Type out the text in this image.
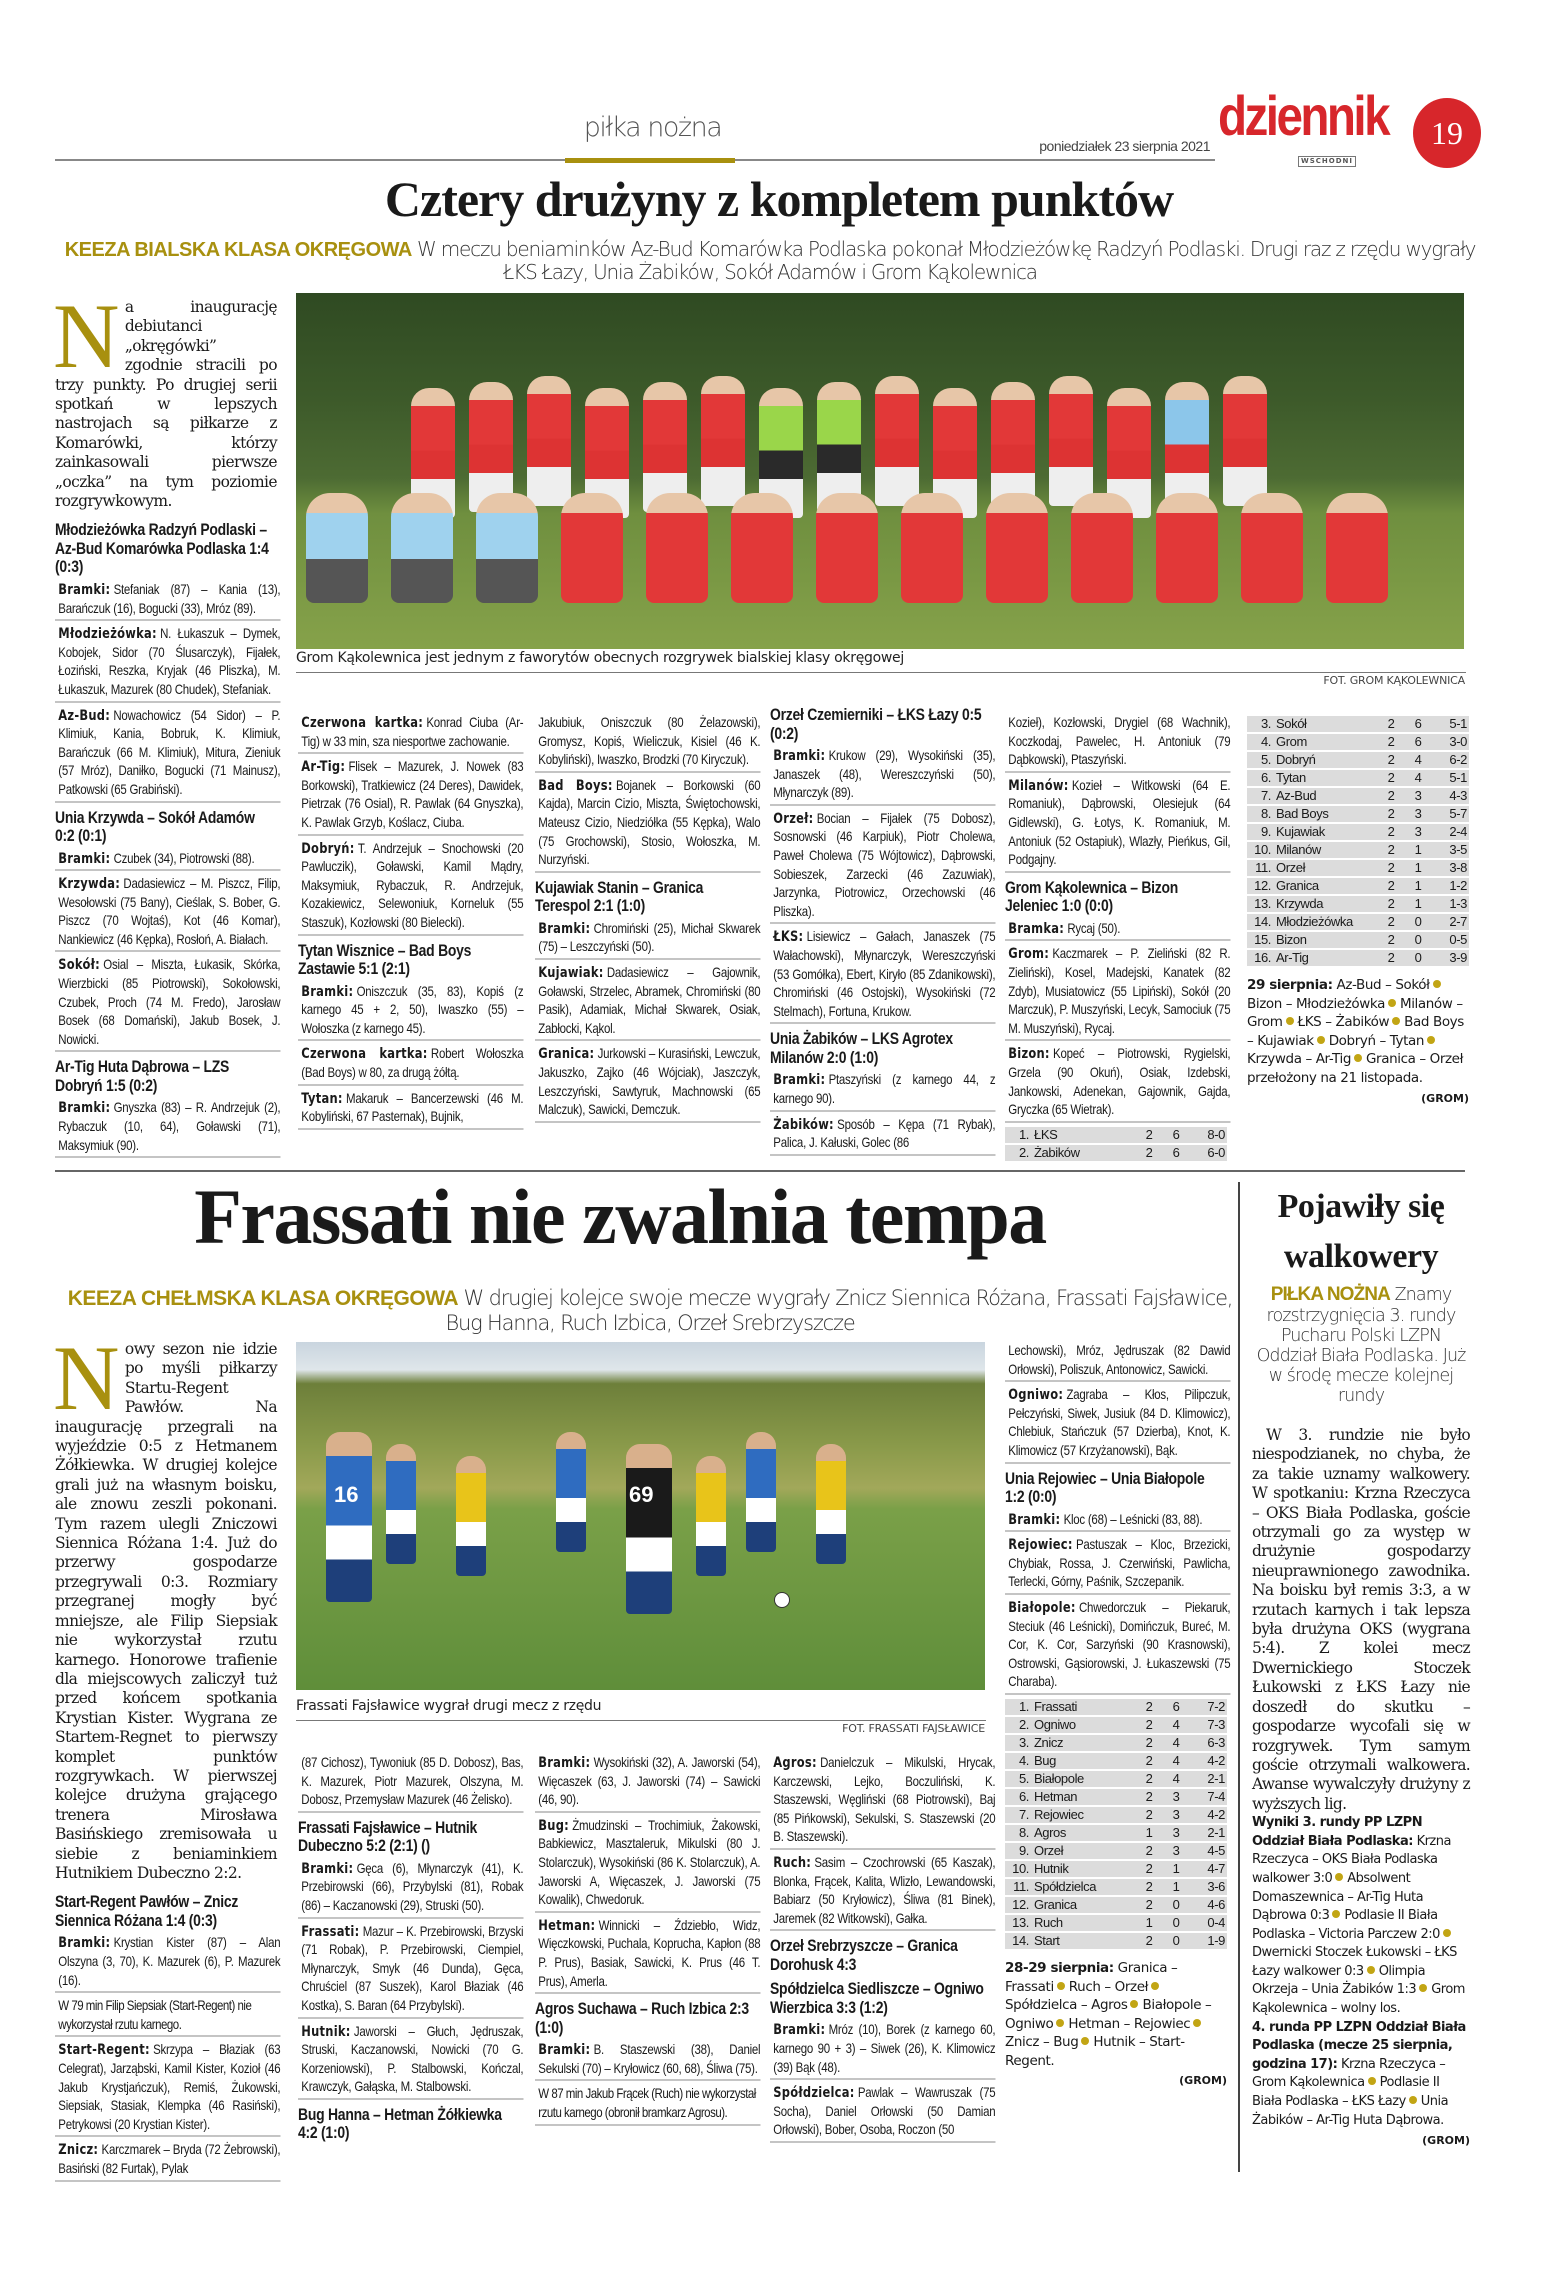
piłka nożna
poniedziałek 23 sierpnia 2021 dziennik
WSCHODNI
19
Cztery drużyny z kompletem punktów
KEEZA BIALSKA KLASA OKRĘGOWA W meczu beniaminków Az-Bud Komarówka Podlaska pokonał Młodzieżówkę Radzyń Podlaski. Drugi raz z rzędu wygrały ŁKS Łazy, Unia Żabików, Sokół Adamów i Grom Kąkolewnica
Grom Kąkolewnica jest jednym z faworytów obecnych rozgrywek bialskiej klasy okręgowej
FOT. GROM KĄKOLEWNICA
Na inaugurację debiutanci „okręgówki” zgodnie stracili po trzy punkty. Po drugiej serii spotkań w lepszych nastrojach są piłkarze z Komarówki, którzy zainkasowali pierwsze „oczka” na tym poziomie rozgrywkowym.
Młodzieżówka Radzyń Podlaski – Az-Bud Komarówka Podlaska 1:4 (0:3)
Bramki: Stefaniak (87) – Kania (13), Barańczuk (16), Bogucki (33), Mróz (89).
Młodzieżówka: N. Łukaszuk – Dymek, Kobojek, Sidor (70 Ślusarczyk), Fijałek, Łoziński, Reszka, Kryjak (46 Pliszka), M. Łukaszuk, Mazurek (80 Chudek), Stefaniak.
Az-Bud: Nowachowicz (54 Sidor) – P. Klimiuk, Kania, Bobruk, K. Klimiuk, Barańczuk (66 M. Klimiuk), Mitura, Zieniuk (57 Mróz), Daniłko, Bogucki (71 Mainusz), Patkowski (65 Grabiński).
Unia Krzywda – Sokół Adamów 0:2 (0:1)
Bramki: Czubek (34), Piotrowski (88).
Krzywda: Dadasiewicz – M. Piszcz, Filip, Wesołowski (75 Bany), Cieślak, S. Bober, G. Piszcz (70 Wojtaś), Kot (46 Komar), Nankiewicz (46 Kępka), Rosłoń, A. Białach.
Sokół: Osial – Miszta, Łukasik, Skórka, Wierzbicki (85 Piotrowski), Sokołowski, Czubek, Proch (74 M. Fredo), Jarosław Bosek (68 Domański), Jakub Bosek, J. Nowicki.
Ar-Tig Huta Dąbrowa – LZS Dobryń 1:5 (0:2)
Bramki: Gnyszka (83) – R. Andrzejuk (2), Rybaczuk (10, 64), Goławski (71), Maksymiuk (90).
Czerwona kartka: Konrad Ciuba (Ar-Tig) w 33 min, sza niesportwe zachowanie.
Ar-Tig: Flisek – Mazurek, J. Nowek (83 Borkowski), Tratkiewicz (24 Deres), Dawidek, Pietrzak (76 Osial), R. Pawlak (64 Gnyszka), K. Pawlak Grzyb, Koślacz, Ciuba.
Dobryń: T. Andrzejuk – Snochowski (20 Pawluczik), Goławski, Kamil Mądry, Maksymiuk, Rybaczuk, R. Andrzejuk, Kozakiewicz, Selewoniuk, Korneluk (55 Staszuk), Kozłowski (80 Bielecki).
Tytan Wisznice – Bad Boys Zastawie 5:1 (2:1)
Bramki: Oniszczuk (35, 83), Kopiś (z karnego 45 + 2, 50), Iwaszko (55) – Wołoszka (z karnego 45).
Czerwona kartka: Robert Wołoszka (Bad Boys) w 80, za drugą żółtą.
Tytan: Makaruk – Bancerzewski (46 M. Kobyliński, 67 Pasternak), Bujnik,
Jakubiuk, Oniszczuk (80 Żelazowski), Gromysz, Kopiś, Wieliczuk, Kisiel (46 K. Kobyliński), Iwaszko, Brodzki (70 Kiryczuk).
Bad Boys: Bojanek – Borkowski (60 Kajda), Marcin Cizio, Miszta, Świętochowski, Mateusz Cizio, Niedziółka (55 Kępka), Walo (75 Grochowski), Stosio, Wołoszka, M. Nurzyński.
Kujawiak Stanin – Granica Terespol 2:1 (1:0)
Bramki: Chromiński (25), Michał Skwarek (75) – Leszczyński (50).
Kujawiak: Dadasiewicz – Gajownik, Goławski, Strzelec, Abramek, Chromiński (80 Pasik), Adamiak, Michał Skwarek, Osiak, Zabłocki, Kąkol.
Granica: Jurkowski – Kurasiński, Lewczuk, Jakuszko, Zajko (46 Wójciak), Jaszczyk, Leszczyński, Sawtyruk, Machnowski (65 Malczuk), Sawicki, Demczuk.
Orzeł Czemierniki – ŁKS Łazy 0:5 (0:2)
Bramki: Krukow (29), Wysokiński (35), Janaszek (48), Wereszczyński (50), Młynarczyk (89).
Orzeł: Bocian – Fijałek (75 Dobosz), Sosnowski (46 Karpiuk), Piotr Cholewa, Paweł Cholewa (75 Wójtowicz), Dąbrowski, Sobieszek, Zarzecki (46 Zazuwiak), Jarzynka, Piotrowicz, Orzechowski (46 Pliszka).
ŁKS: Lisiewicz – Gałach, Janaszek (75 Wałachowski), Młynarczyk, Wereszczyński (53 Gomółka), Ebert, Kiryło (85 Zdanikowski), Chromiński (46 Ostojski), Wysokiński (72 Stelmach), Fortuna, Krukow.
Unia Żabików – LKS Agrotex Milanów 2:0 (1:0)
Bramki: Ptaszyński (z karnego 44, z karnego 90).
Żabików: Sposób – Kępa (71 Rybak), Palica, J. Kałuski, Golec (86
Kozieł), Kozłowski, Drygiel (68 Wachnik), Koczkodaj, Pawelec, H. Antoniuk (79 Dąbkowski), Ptaszyński.
Milanów: Kozieł – Witkowski (64 E. Romaniuk), Dąbrowski, Olesiejuk (64 Gidlewski), G. Łotys, K. Romaniuk, M. Antoniuk (52 Ostapiuk), Wlazły, Pieńkus, Gil, Podgajny.
Grom Kąkolewnica – Bizon Jeleniec 1:0 (0:0)
Bramka: Rycaj (50).
Grom: Kaczmarek – P. Zieliński (82 R. Zieliński), Kosel, Madejski, Kanatek (82 Zdyb), Musiatowicz (55 Lipiński), Sokół (20 Marczuk), P. Muszyński, Lecyk, Samociuk (75 M. Muszyński), Rycaj.
Bizon: Kopeć – Piotrowski, Rygielski, Grzela (90 Okuń), Osiak, Izdebski, Jankowski, Adenekan, Gajownik, Gajda, Gryczka (65 Wietrak).
1. ŁKS	2	6	8-0
2. Żabików	2	6	6-0
3. Sokół	2	6	5-1
4. Grom	2	6	3-0
5. Dobryń	2	4	6-2
6. Tytan	2	4	5-1
7. Az-Bud	2	3	4-3
8. Bad Boys	2	3	5-7
9. Kujawiak	2	3	2-4
10. Milanów	2	1	3-5
11. Orzeł	2	1	3-8
12. Granica	2	1	1-2
13. Krzywda	2	1	1-3
14. Młodzieżówka	2	0	2-7
15. Bizon	2	0	0-5
16. Ar-Tig	2	0	3-9
29 sierpnia: Az-Bud – SokółBizon – Młodzieżówka Milanów – Grom ŁKS – Żabików Bad Boys – Kujawiak Dobryń – TytanKrzywda – Ar-Tig Granica – Orzeł przełożony na 21 listopada.
(GROM)
Frassati nie zwalnia tempa
KEEZA CHEŁMSKA KLASA OKRĘGOWA W drugiej kolejce swoje mecze wygrały Znicz Siennica Różana, Frassati Fajsławice, Bug Hanna, Ruch Izbica, Orzeł Srebrzyszcze
16	69
Frassati Fajsławice wygrał drugi mecz z rzędu
FOT. FRASSATI FAJSŁAWICE
Nowy sezon nie idzie po myśli piłkarzy Startu-Regent Pawłów. Na inaugurację przegrali na wyjeździe 0:5 z Hetmanem Żółkiewka. W drugiej kolejce grali już na własnym boisku, ale znowu zeszli pokonani. Tym razem ulegli Zniczowi Siennica Różana 1:4. Już do przerwy gospodarze przegrywali 0:3. Rozmiary przegranej mogły być mniejsze, ale Filip Siepsiak nie wykorzystał rzutu karnego. Honorowe trafienie dla miejscowych zaliczył tuż przed końcem spotkania Krystian Kister. Wygrana ze Startem-Regnet to pierwszy komplet punktów rozgrywkach. W pierwszej kolejce drużyna grającego trenera Mirosława Basińskiego zremisowała u siebie z beniaminkiem Hutnikiem Dubeczno 2:2.
Start-Regent Pawłów – Znicz Siennica Różana 1:4 (0:3)
Bramki: Krystian Kister (87) – Alan Olszyna (3, 70), K. Mazurek (6), P. Mazurek (16).
W 79 min Filip Siepsiak (Start-Regent) nie wykorzystał rzutu karnego.
Start-Regent: Skrzypa – Błaziak (63 Celegrat), Jarząbski, Kamil Kister, Kozioł (46 Jakub Krystjańczuk), Remiś, Żukowski, Siepsiak, Stasiak, Klempka (46 Rasiński), Petrykowsi (20 Krystian Kister).
Znicz: Karczmarek – Bryda (72 Żebrowski), Basiński (82 Furtak), Pylak
(87 Cichosz), Tywoniuk (85 D. Dobosz), Bas, K. Mazurek, Piotr Mazurek, Olszyna, M. Dobosz, Przemysław Mazurek (46 Żelisko).
Frassati Fajsławice – Hutnik Dubeczno 5:2 (2:1) ()
Bramki: Gęca (6), Młynarczyk (41), K. Przebirowski (66), Przybylski (81), Robak (86) – Kaczanowski (29), Struski (50).
Frassati: Mazur – K. Przebirowski, Brzyski (71 Robak), P. Przebirowski, Ciempiel, Młynarczyk, Smyk (46 Dunda), Gęca, Chruściel (87 Suszek), Karol Błaziak (46 Kostka), S. Baran (64 Przybylski).
Hutnik: Jaworski – Głuch, Jędruszak, Struski, Kaczanowski, Nowicki (70 G. Korzeniowski), P. Stalbowski, Kończal, Krawczyk, Gałąska, M. Stalbowski.
Bug Hanna – Hetman Żółkiewka 4:2 (1:0)
Bramki: Wysokiński (32), A. Jaworski (54), Więcaszek (63, J. Jaworski (74) – Sawicki (46, 90).
Bug: Żmudzinski – Trochimiuk, Żakowski, Babkiewicz, Masztaleruk, Mikulski (80 J. Stolarczuk), Wysokiński (86 K. Stolarczuk), A. Jaworski A, Więcaszek, J. Jaworski (75 Kowalik), Chwedoruk.
Hetman: Winnicki – Ździebło, Widz, Więczkowski, Puchala, Koprucha, Kapłon (88 P. Prus), Basiak, Sawicki, K. Prus (46 T. Prus), Amerla.
Agros Suchawa – Ruch Izbica 2:3 (1:0)
Bramki: B. Staszewski (38), Daniel Sekulski (70) – Kryłowicz (60, 68), Śliwa (75).
W 87 min Jakub Frącek (Ruch) nie wykorzystał rzutu karnego (obronił bramkarz Agrosu).
Agros: Danielczuk – Mikulski, Hrycak, Karczewski, Lejko, Boczuliński, K. Staszewski, Węgliński (68 Piotrowski), Baj (85 Pińkowski), Sekulski, S. Staszewski (20 B. Staszewski).
Ruch: Sasim – Czochrowski (65 Kaszak), Blonka, Frącek, Kalita, Wlizło, Lewandowski, Babiarz (50 Kryłowicz), Śliwa (81 Binek), Jaremek (82 Witkowski), Gałka.
Orzeł Srebrzyszcze – Granica Dorohusk 4:3
Spółdzielca Siedliszcze – Ogniwo Wierzbica 3:3 (1:2)
Bramki: Mróz (10), Borek (z karnego 60, karnego 90 + 3) – Siwek (26), K. Klimowicz (39) Bąk (48).
Spółdzielca: Pawlak – Wawruszak (75 Socha), Daniel Orłowski (50 Damian Orłowski), Bober, Osoba, Roczon (50
Lechowski), Mróz, Jędruszak (82 Dawid Orłowski), Poliszuk, Antonowicz, Sawicki.
Ogniwo: Zagraba – Kłos, Pilipczuk, Pełczyński, Siwek, Jusiuk (84 D. Klimowicz), Chlebiuk, Stańczuk (57 Dzierba), Knot, K. Klimowicz (57 Krzyżanowski), Bąk.
Unia Rejowiec – Unia Białopole 1:2 (0:0)
Bramki: Kloc (68) – Leśnicki (83, 88).
Rejowiec: Pastuszak – Kloc, Brzezicki, Chybiak, Rossa, J. Czerwiński, Pawlicha, Terlecki, Górny, Paśnik, Szczepanik.
Białopole: Chwedorczuk – Piekaruk, Steciuk (46 Leśnicki), Domińczuk, Bureć, M. Cor, K. Cor, Sarzyński (90 Krasnowski), Ostrowski, Gąsiorowski, J. Łukaszewski (75 Charaba).
1. Frassati	2	6	7-2
2. Ogniwo	2	4	7-3
3. Znicz	2	4	6-3
4. Bug	2	4	4-2
5. Białopole	2	4	2-1
6. Hetman	2	3	7-4
7. Rejowiec	2	3	4-2
8. Agros	1	3	2-1
9. Orzeł	2	3	4-5
10. Hutnik	2	1	4-7
11. Spółdzielca	2	1	3-6
12. Granica	2	0	4-6
13. Ruch	1	0	0-4
14. Start	2	0	1-9
28-29 sierpnia: Granica – Frassati Ruch – OrzełSpółdzielca – Agros Białopole – Ogniwo Hetman – RejowiecZnicz – Bug Hutnik – Start-Regent.
(GROM)
Pojawiły się
walkowery
PIŁKA NOŻNA Znamy rozstrzygnięcia 3. rundy Pucharu Polski LZPN Oddział Biała Podlaska. Już w środę mecze kolejnej rundy
W 3. rundzie nie było niespodzianek, no chyba, że za takie uznamy walkowery. W spotkaniu: Krzna Rzeczyca – OKS Biała Podlaska, goście otrzymali go za występ w drużynie gospodarzy nieuprawnionego zawodnika. Na boisku był remis 3:3, a w rzutach karnych i tak lepsza była drużyna OKS (wygrana 5:4). Z kolei mecz Dwernickiego Stoczek Łukowski z ŁKS Łazy nie doszedł do skutku – gospodarze wycofali się w rozgrywek. Tym samym goście otrzymali walkowera. Awanse wywalczyły drużyny z wyższych lig.
Wyniki 3. rundy PP LZPN Oddział Biała Podlaska: Krzna Rzeczyca – OKS Biała Podlaska walkower 3:0 Absolwent Domaszewnica – Ar-Tig Huta Dąbrowa 0:3 Podlasie II Biała Podlaska – Victoria Parczew 2:0Dwernicki Stoczek Łukowski – ŁKS Łazy walkower 0:3 Olimpia Okrzeja – Unia Żabików 1:3 Grom Kąkolewnica – wolny los.
4. runda PP LZPN Oddział Biała Podlaska (mecze 25 sierpnia, godzina 17): Krzna Rzeczyca – Grom Kąkolewnica Podlasie II Biała Podlaska – ŁKS Łazy Unia Żabików – Ar-Tig Huta Dąbrowa.
(GROM)
